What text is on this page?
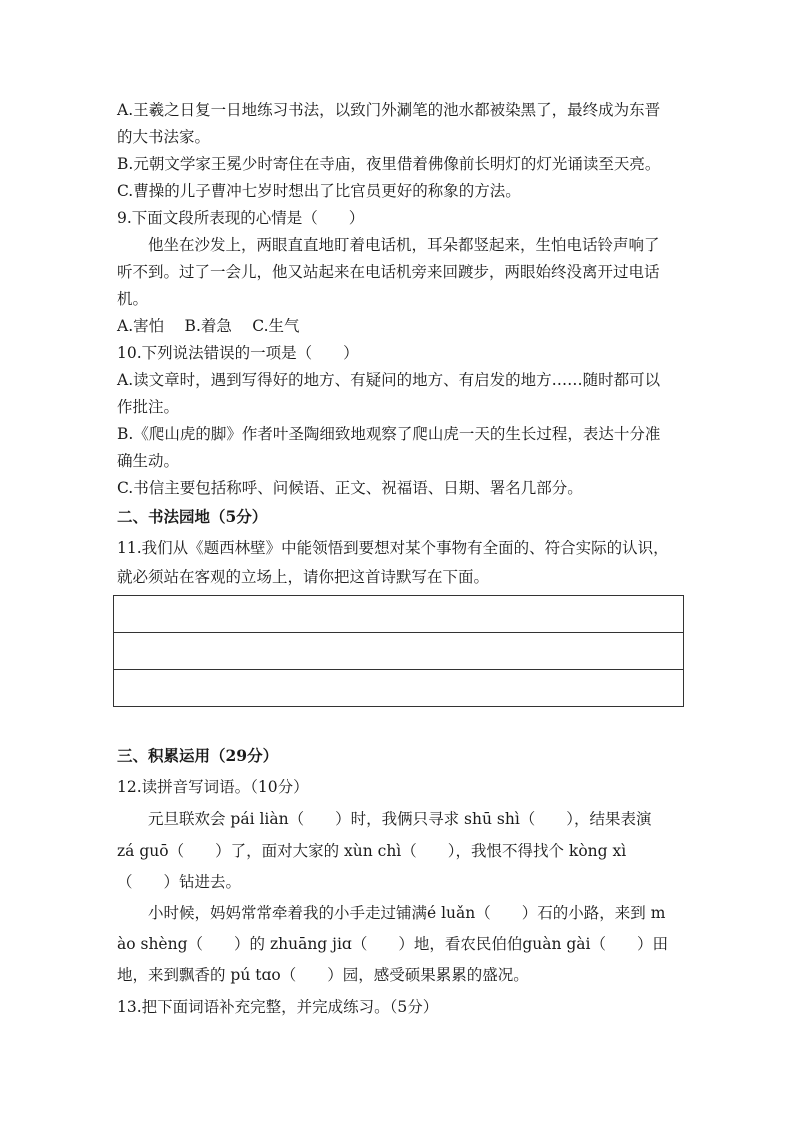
A.王羲之日复一日地练习书法，以致门外涮笔的池水都被染黑了，最终成为东晋
的大书法家。
B.元朝文学家王冕少时寄住在寺庙，夜里借着佛像前长明灯的灯光诵读至天亮。
C.曹操的儿子曹冲七岁时想出了比官员更好的称象的方法。
9.下面文段所表现的心情是（　　）
他坐在沙发上，两眼直直地盯着电话机，耳朵都竖起来，生怕电话铃声响了
听不到。过了一会儿，他又站起来在电话机旁来回踱步，两眼始终没离开过电话
机。
A.害怕　 B.着急　 C.生气
10.下列说法错误的一项是（　　）
A.读文章时，遇到写得好的地方、有疑问的地方、有启发的地方……随时都可以
作批注。
B.《爬山虎的脚》作者叶圣陶细致地观察了爬山虎一天的生长过程，表达十分准
确生动。
C.书信主要包括称呼、问候语、正文、祝福语、日期、署名几部分。
二、书法园地（5分）
11.我们从《题西林壁》中能领悟到要想对某个事物有全面的、符合实际的认识，
就必须站在客观的立场上，请你把这首诗默写在下面。
三、积累运用（29分）
12.读拼音写词语。（10分）
元旦联欢会 pái liàn（　　）时，我俩只寻求 shū shì（　　），结果表演
zá guō（　　）了，面对大家的 xùn chì（　　），我恨不得找个 kòng xì
（　　）钻进去。
小时候，妈妈常常牵着我的小手走过铺满é luǎn（　　）石的小路，来到 m
ào shèng（　　）的 zhuāng jiɑ（　　）地，看农民伯伯guàn gài（　　）田
地，来到飘香的 pú tɑo（　　）园，感受硕果累累的盛况。
13.把下面词语补充完整，并完成练习。（5分）
